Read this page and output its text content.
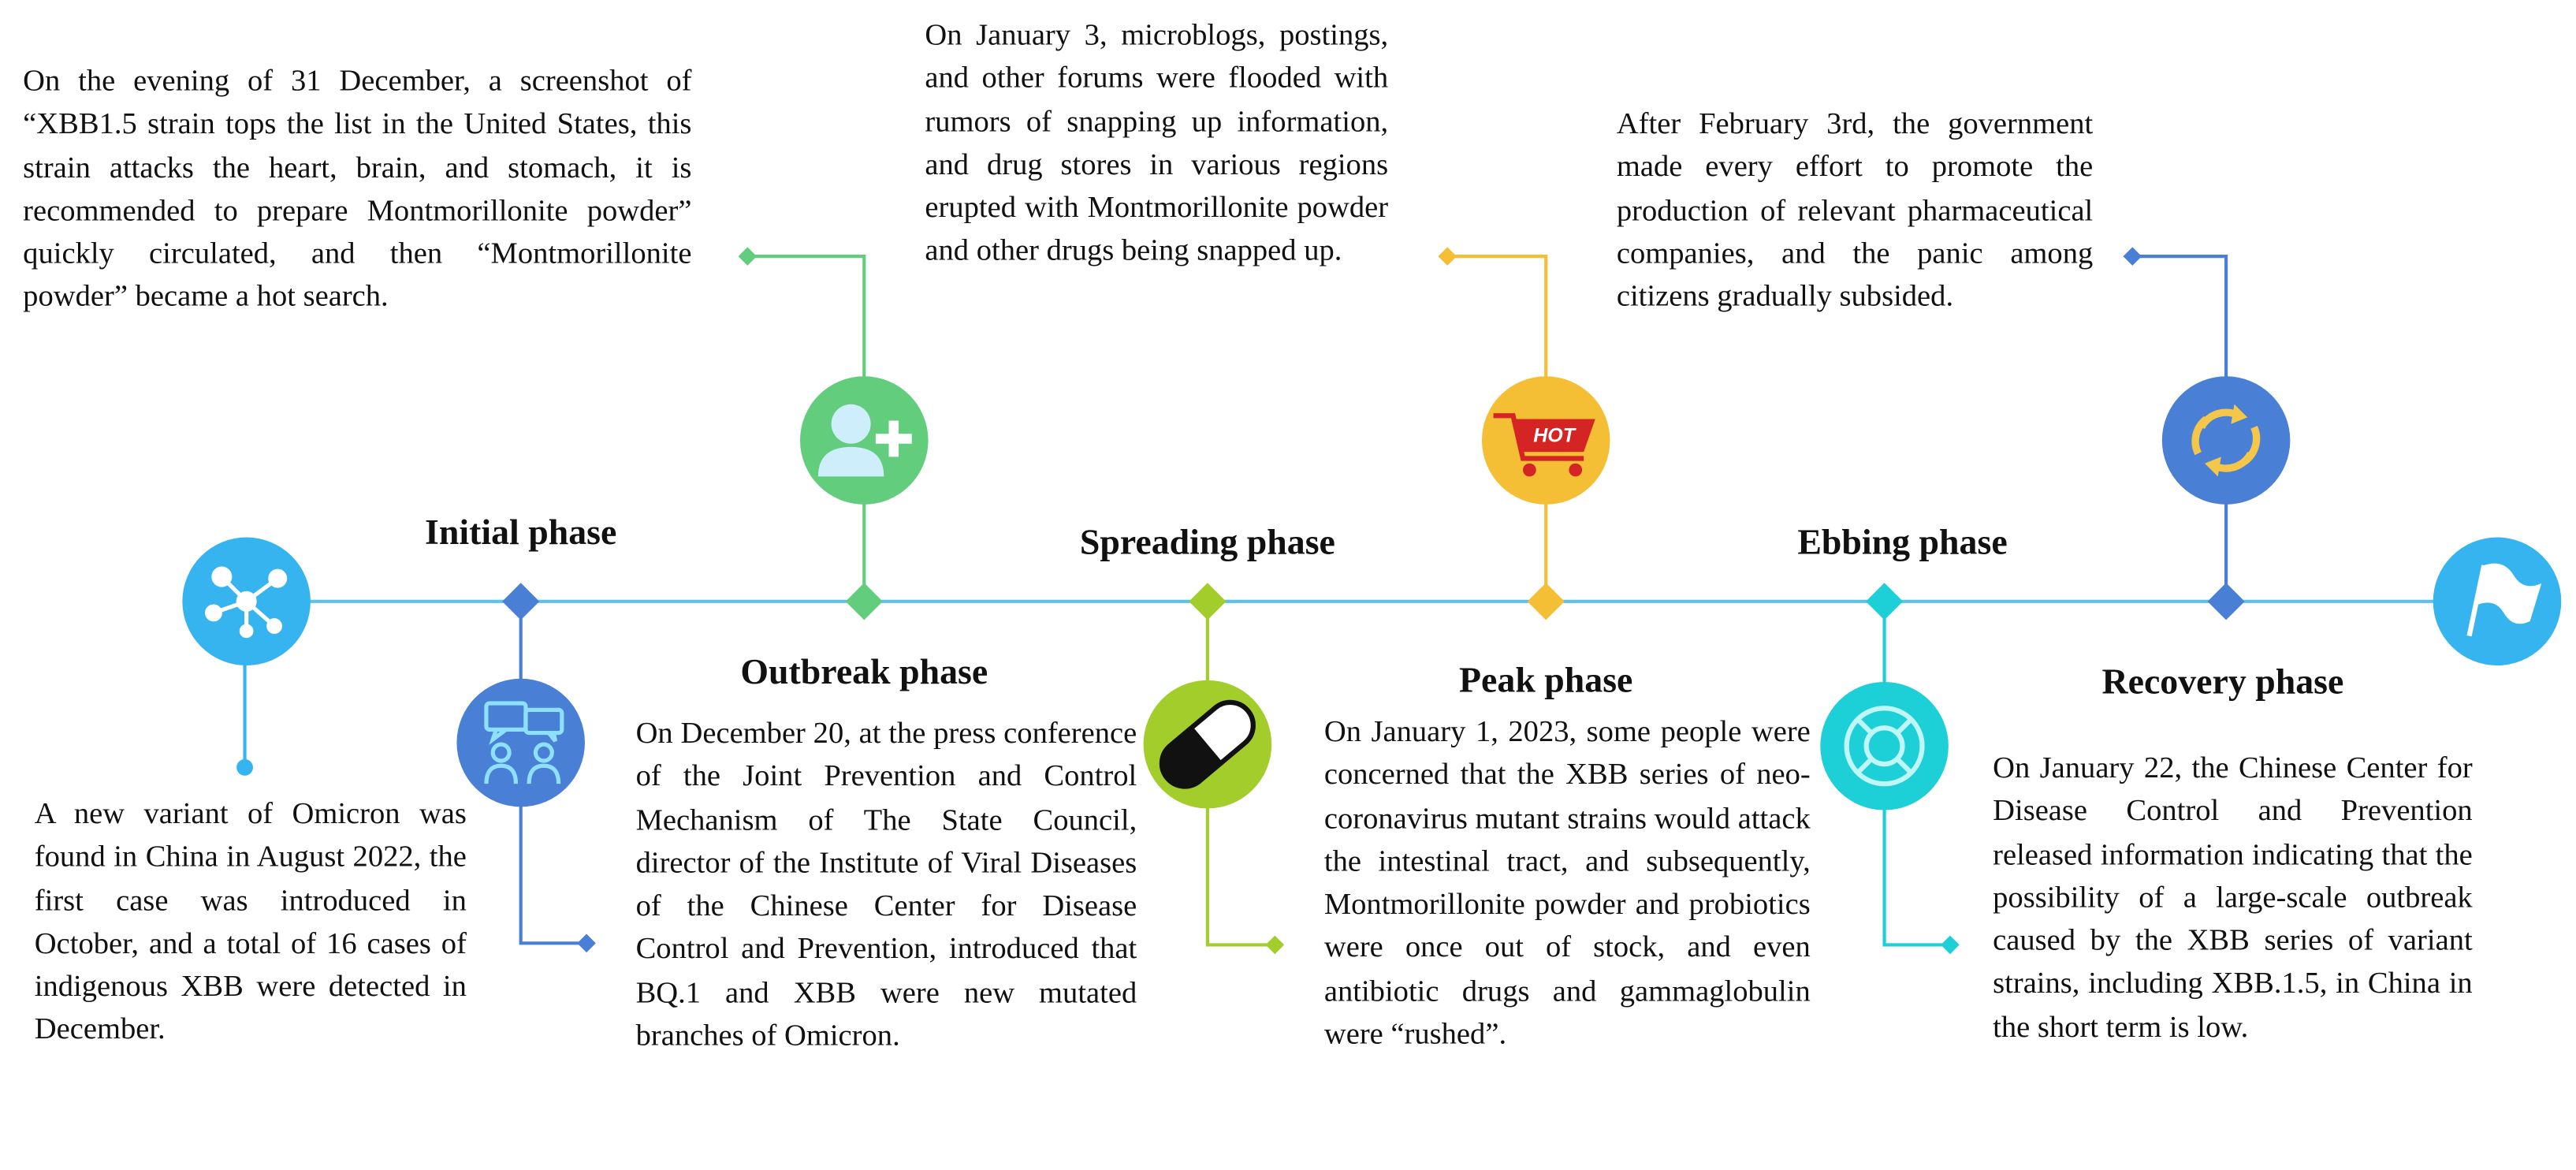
HOT
Initial phase
Outbreak phase
Spreading phase
Peak phase
Ebbing phase
Recovery phase

A new variant of Omicron was found in China in August 2022, the first case was introduced in October, and a total of 16 cases of indigenous XBB were detected in December.

On the evening of 31 December, a screenshot of “XBB1.5 strain tops the list in the United States, this strain attacks the heart, brain, and stomach, it is recommended to prepare Montmorillonite powder” quickly circulated, and then “Montmorillonite powder” became a hot search.

On December 20, at the press conference of the Joint Prevention and Control Mechanism of The State Council, director of the Institute of Viral Diseases of the Chinese Center for Disease Control and Prevention, introduced that BQ.1 and XBB were new mutated branches of Omicron.

On January 3, microblogs, postings, and other forums were flooded with rumors of snapping up information, and drug stores in various regions erupted with Montmorillonite powder and other drugs being snapped up.

On January 1, 2023, some people were concerned that the XBB series of neo-coronavirus mutant strains would attack the intestinal tract, and subsequently, Montmorillonite powder and probiotics were once out of stock, and even antibiotic drugs and gammaglobulin were “rushed”.

After February 3rd, the government made every effort to promote the production of relevant pharmaceutical companies, and the panic among citizens gradually subsided.

On January 22, the Chinese Center for Disease Control and Prevention released information indicating that the possibility of a large-scale outbreak caused by the XBB series of variant strains, including XBB.1.5, in China in the short term is low.
